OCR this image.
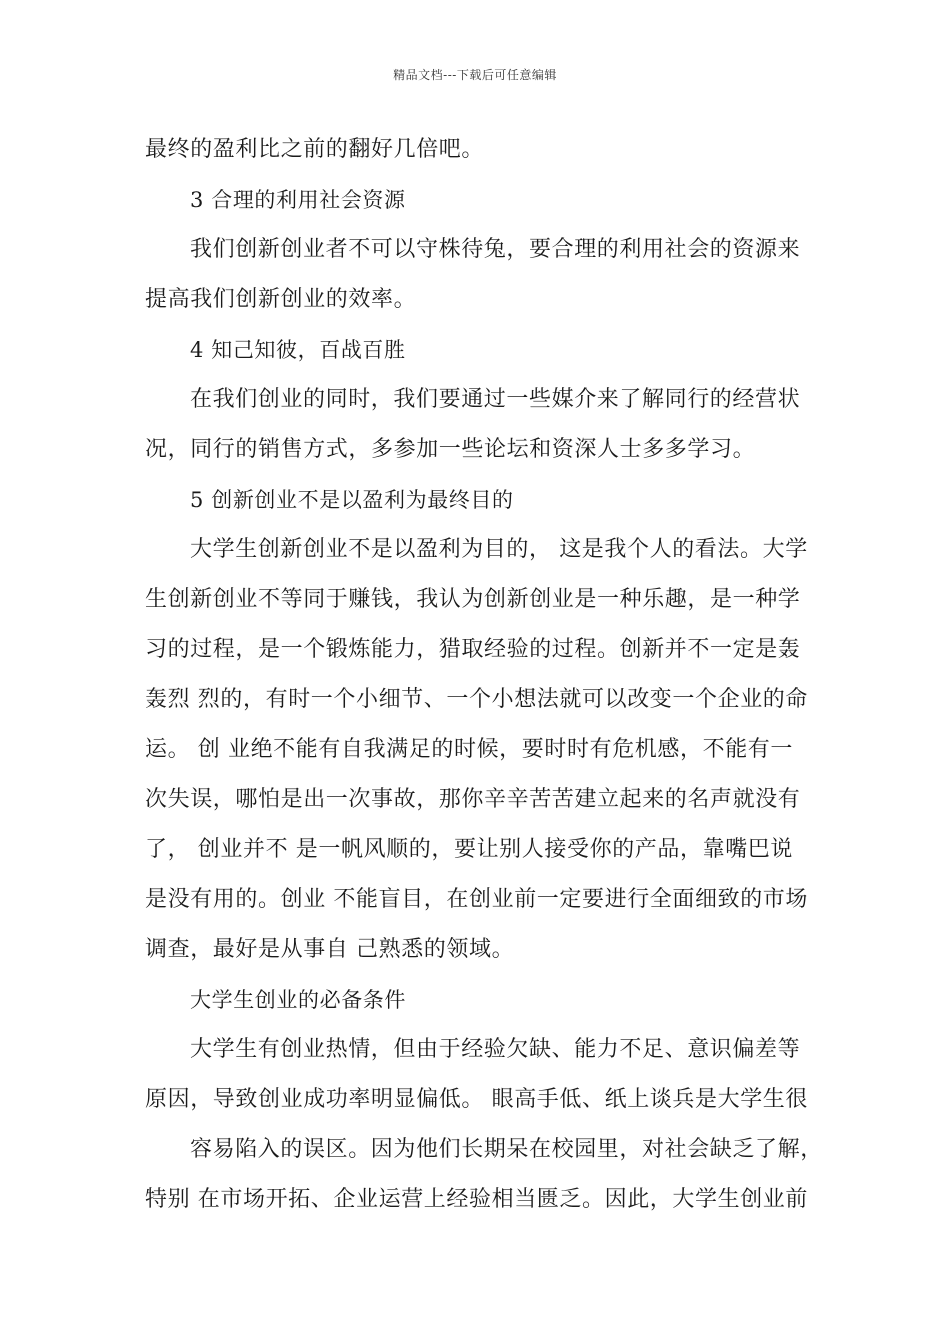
精品文档---下载后可任意编辑
最终的盈利比之前的翻好几倍吧。
3 合理的利用社会资源
我们创新创业者不可以守株待兔，要合理的利用社会的资源来
提高我们创新创业的效率。
4 知己知彼，百战百胜
在我们创业的同时，我们要通过一些媒介来了解同行的经营状
况，同行的销售方式，多参加一些论坛和资深人士多多学习。
5 创新创业不是以盈利为最终目的
大学生创新创业不是以盈利为目的， 这是我个人的看法。大学
生创新创业不等同于赚钱，我认为创新创业是一种乐趣，是一种学
习的过程，是一个锻炼能力，猎取经验的过程。创新并不一定是轰
轰烈 烈的，有时一个小细节、一个小想法就可以改变一个企业的命
运。 创 业绝不能有自我满足的时候，要时时有危机感，不能有一
次失误，哪怕是出一次事故，那你辛辛苦苦建立起来的名声就没有
了， 创业并不 是一帆风顺的，要让别人接受你的产品，靠嘴巴说
是没有用的。创业 不能盲目，在创业前一定要进行全面细致的市场
调查，最好是从事自 己熟悉的领域。
大学生创业的必备条件
大学生有创业热情，但由于经验欠缺、能力不足、意识偏差等
原因，导致创业成功率明显偏低。 眼高手低、纸上谈兵是大学生很
容易陷入的误区。因为他们长期呆在校园里，对社会缺乏了解，
特别 在市场开拓、企业运营上经验相当匮乏。因此，大学生创业前
